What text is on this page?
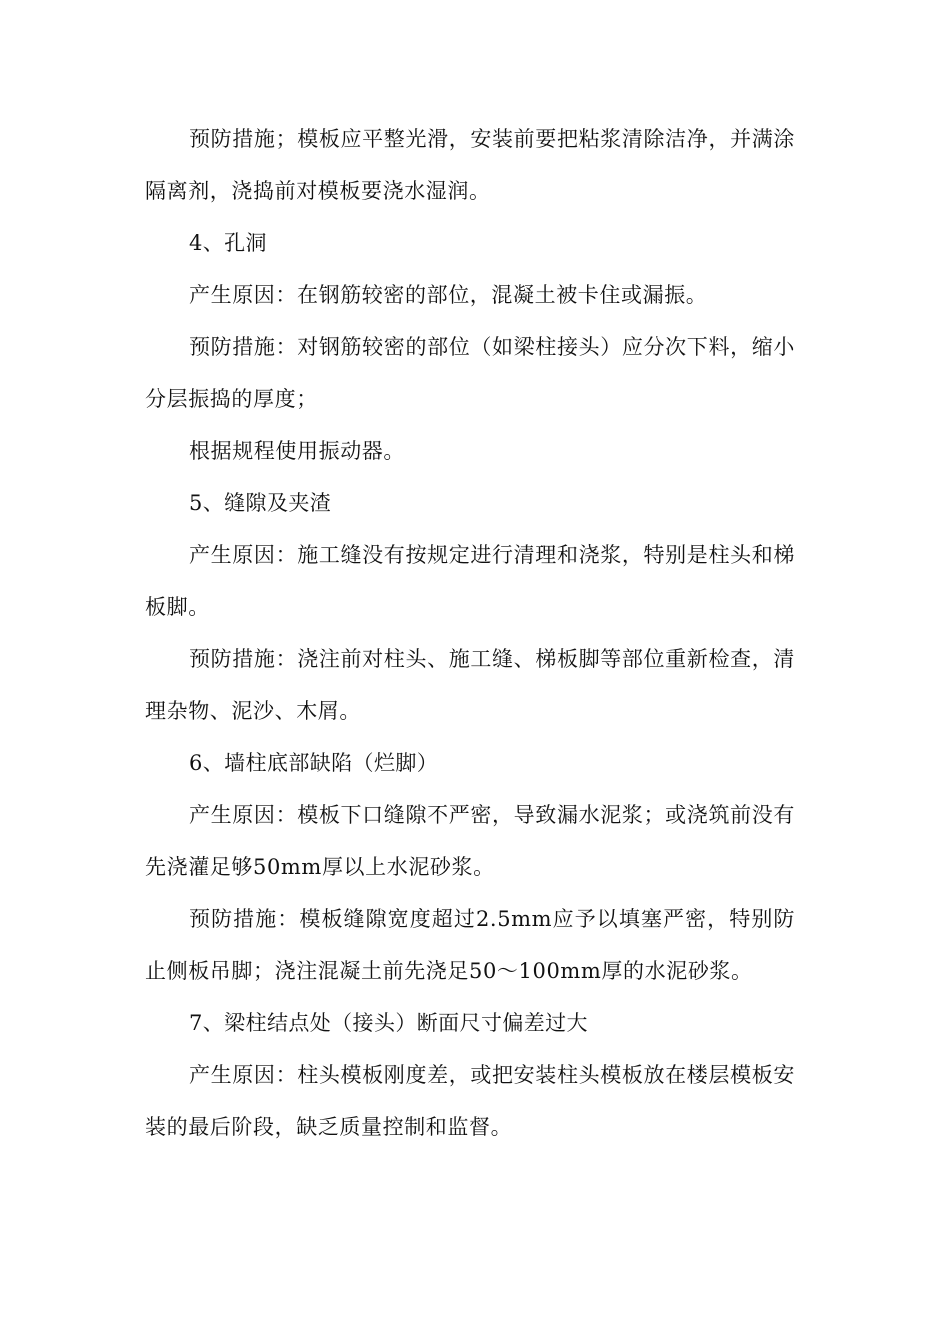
预防措施；模板应平整光滑，安装前要把粘浆清除洁净，并满涂隔离剂，浇捣前对模板要浇水湿润。

4、孔洞

产生原因：在钢筋较密的部位，混凝土被卡住或漏振。

预防措施：对钢筋较密的部位（如梁柱接头）应分次下料，缩小分层振捣的厚度；

根据规程使用振动器。

5、缝隙及夹渣

产生原因：施工缝没有按规定进行清理和浇浆，特别是柱头和梯板脚。

预防措施：浇注前对柱头、施工缝、梯板脚等部位重新检查，清理杂物、泥沙、木屑。

6、墙柱底部缺陷（烂脚）

产生原因：模板下口缝隙不严密，导致漏水泥浆；或浇筑前没有先浇灌足够50mm厚以上水泥砂浆。

预防措施：模板缝隙宽度超过2.5mm应予以填塞严密，特别防止侧板吊脚；浇注混凝土前先浇足50～100mm厚的水泥砂浆。

7、梁柱结点处（接头）断面尺寸偏差过大

产生原因：柱头模板刚度差，或把安装柱头模板放在楼层模板安装的最后阶段，缺乏质量控制和监督。
